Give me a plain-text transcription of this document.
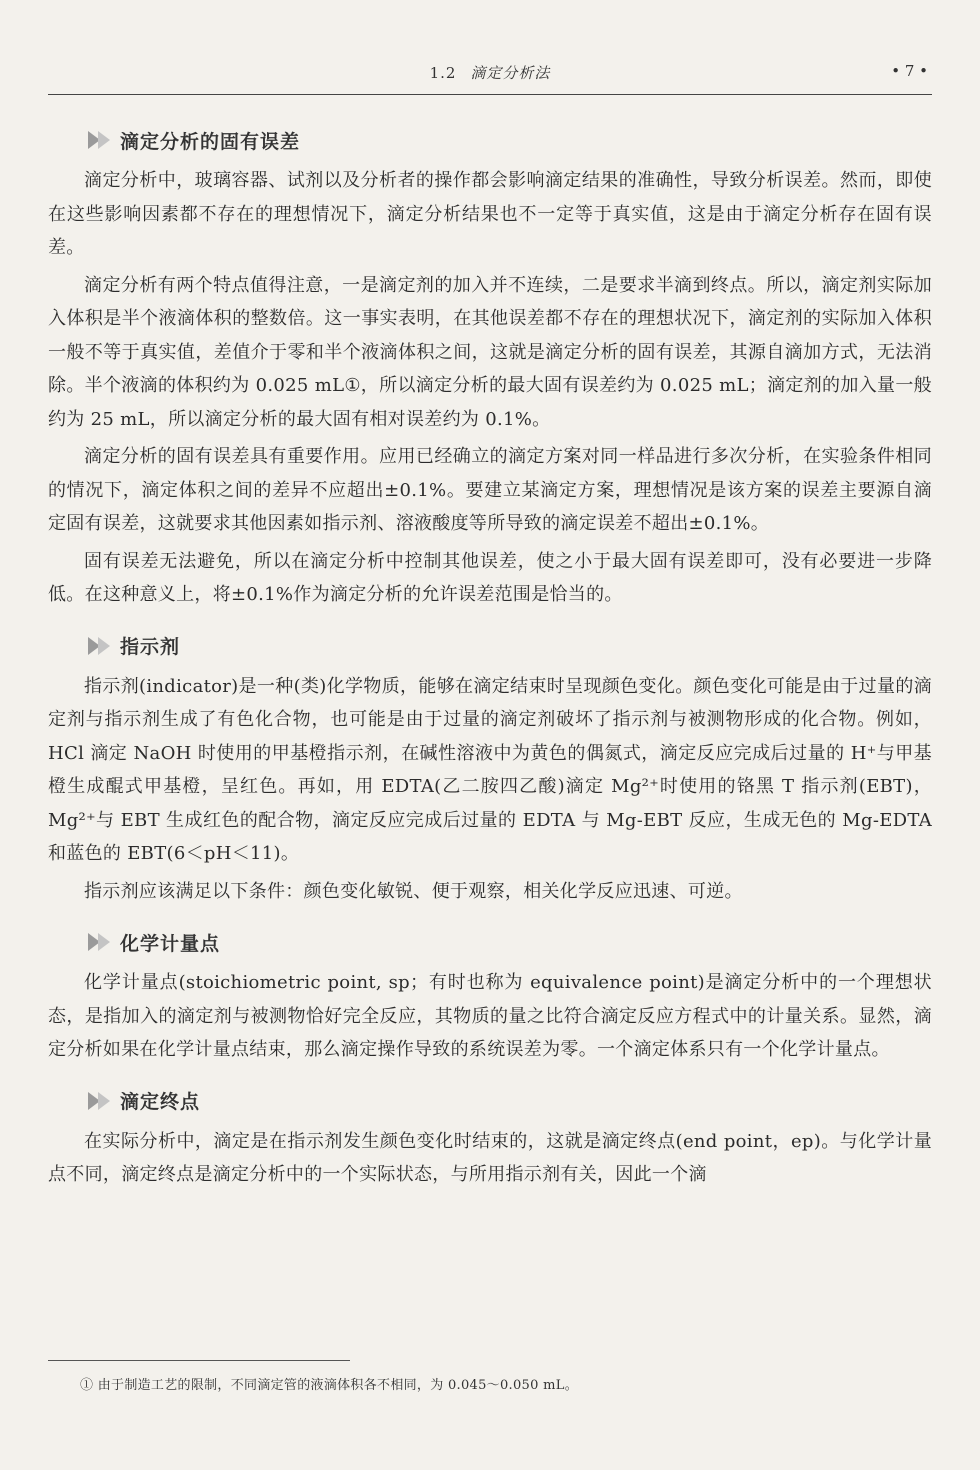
1.2 滴定分析法	• 7 •
滴定分析的固有误差

滴定分析中，玻璃容器、试剂以及分析者的操作都会影响滴定结果的准确性，导致分析误差。然而，即使在这些影响因素都不存在的理想情况下，滴定分析结果也不一定等于真实值，这是由于滴定分析存在固有误差。

滴定分析有两个特点值得注意，一是滴定剂的加入并不连续，二是要求半滴到终点。所以，滴定剂实际加入体积是半个液滴体积的整数倍。这一事实表明，在其他误差都不存在的理想状况下，滴定剂的实际加入体积一般不等于真实值，差值介于零和半个液滴体积之间，这就是滴定分析的固有误差，其源自滴加方式，无法消除。半个液滴的体积约为 0.025 mL①，所以滴定分析的最大固有误差约为 0.025 mL；滴定剂的加入量一般约为 25 mL，所以滴定分析的最大固有相对误差约为 0.1%。

滴定分析的固有误差具有重要作用。应用已经确立的滴定方案对同一样品进行多次分析，在实验条件相同的情况下，滴定体积之间的差异不应超出±0.1%。要建立某滴定方案，理想情况是该方案的误差主要源自滴定固有误差，这就要求其他因素如指示剂、溶液酸度等所导致的滴定误差不超出±0.1%。

固有误差无法避免，所以在滴定分析中控制其他误差，使之小于最大固有误差即可，没有必要进一步降低。在这种意义上，将±0.1%作为滴定分析的允许误差范围是恰当的。

指示剂

指示剂(indicator)是一种(类)化学物质，能够在滴定结束时呈现颜色变化。颜色变化可能是由于过量的滴定剂与指示剂生成了有色化合物，也可能是由于过量的滴定剂破坏了指示剂与被测物形成的化合物。例如，HCl 滴定 NaOH 时使用的甲基橙指示剂，在碱性溶液中为黄色的偶氮式，滴定反应完成后过量的 H⁺与甲基橙生成醌式甲基橙，呈红色。再如，用 EDTA(乙二胺四乙酸)滴定 Mg²⁺时使用的铬黑 T 指示剂(EBT)，Mg²⁺与 EBT 生成红色的配合物，滴定反应完成后过量的 EDTA 与 Mg-EBT 反应，生成无色的 Mg-EDTA 和蓝色的 EBT(6＜pH＜11)。

指示剂应该满足以下条件：颜色变化敏锐、便于观察，相关化学反应迅速、可逆。

化学计量点

化学计量点(stoichiometric point, sp；有时也称为 equivalence point)是滴定分析中的一个理想状态，是指加入的滴定剂与被测物恰好完全反应，其物质的量之比符合滴定反应方程式中的计量关系。显然，滴定分析如果在化学计量点结束，那么滴定操作导致的系统误差为零。一个滴定体系只有一个化学计量点。

滴定终点

在实际分析中，滴定是在指示剂发生颜色变化时结束的，这就是滴定终点(end point，ep)。与化学计量点不同，滴定终点是滴定分析中的一个实际状态，与所用指示剂有关，因此一个滴

① 由于制造工艺的限制，不同滴定管的液滴体积各不相同，为 0.045～0.050 mL。
